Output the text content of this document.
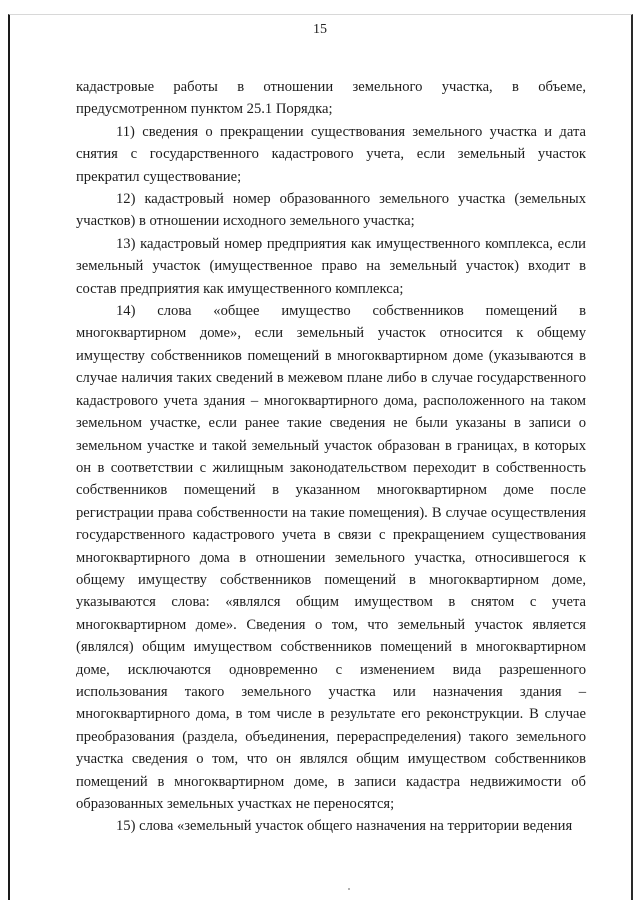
15

кадастровые работы в отношении земельного участка, в объеме, предусмотренном пунктом 25.1 Порядка;

11) сведения о прекращении существования земельного участка и дата снятия с государственного кадастрового учета, если земельный участок прекратил существование;

12) кадастровый номер образованного земельного участка (земельных участков) в отношении исходного земельного участка;

13) кадастровый номер предприятия как имущественного комплекса, если земельный участок (имущественное право на земельный участок) входит в состав предприятия как имущественного комплекса;

14) слова «общее имущество собственников помещений в многоквартирном доме», если земельный участок относится к общему имуществу собственников помещений в многоквартирном доме (указываются в случае наличия таких сведений в межевом плане либо в случае государственного кадастрового учета здания – многоквартирного дома, расположенного на таком земельном участке, если ранее такие сведения не были указаны в записи о земельном участке и такой земельный участок образован в границах, в которых он в соответствии с жилищным законодательством переходит в собственность собственников помещений в указанном многоквартирном доме после регистрации права собственности на такие помещения). В случае осуществления государственного кадастрового учета в связи с прекращением существования многоквартирного дома в отношении земельного участка, относившегося к общему имуществу собственников помещений в многоквартирном доме, указываются слова: «являлся общим имуществом в снятом с учета многоквартирном доме». Сведения о том, что земельный участок является (являлся) общим имуществом собственников помещений в многоквартирном доме, исключаются одновременно с изменением вида разрешенного использования такого земельного участка или назначения здания – многоквартирного дома, в том числе в результате его реконструкции. В случае преобразования (раздела, объединения, перераспределения) такого земельного участка сведения о том, что он являлся общим имуществом собственников помещений в многоквартирном доме, в записи кадастра недвижимости об образованных земельных участках не переносятся;

15) слова «земельный участок общего назначения на территории ведения
